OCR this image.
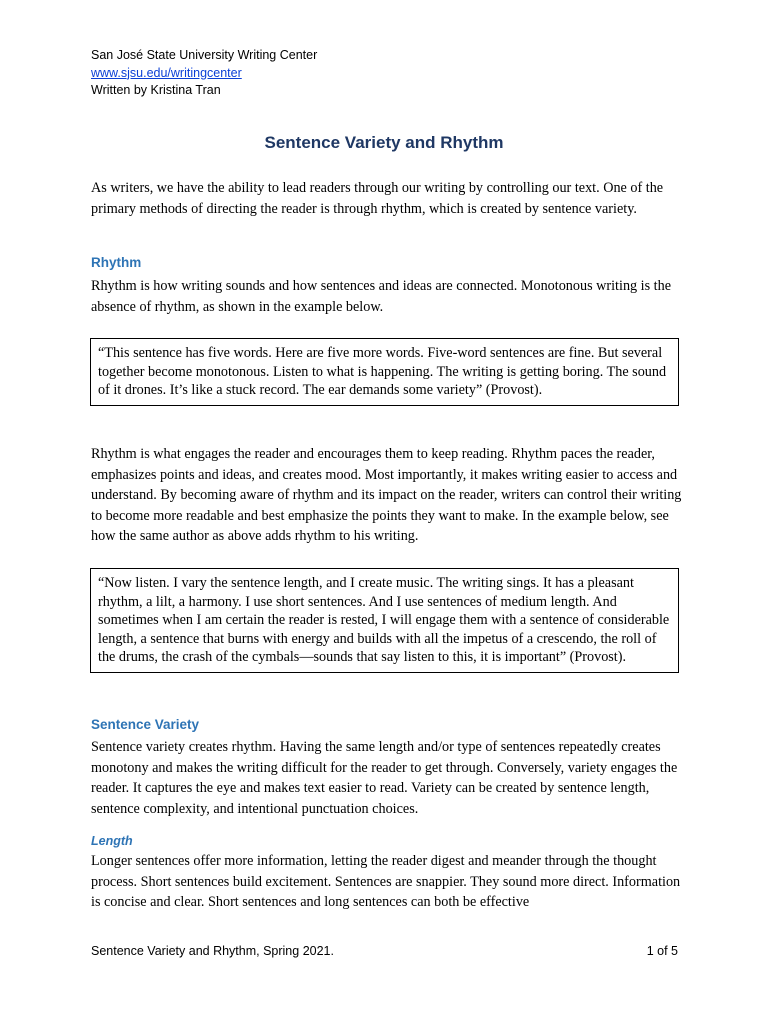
San José State University Writing Center
www.sjsu.edu/writingcenter
Written by Kristina Tran
Sentence Variety and Rhythm

As writers, we have the ability to lead readers through our writing by controlling our text. One of the primary methods of directing the reader is through rhythm, which is created by sentence variety.

Rhythm

Rhythm is how writing sounds and how sentences and ideas are connected. Monotonous writing is the absence of rhythm, as shown in the example below.

“This sentence has five words. Here are five more words. Five-word sentences are fine. But several together become monotonous. Listen to what is happening. The writing is getting boring. The sound of it drones. It’s like a stuck record. The ear demands some variety” (Provost).

Rhythm is what engages the reader and encourages them to keep reading. Rhythm paces the reader, emphasizes points and ideas, and creates mood. Most importantly, it makes writing easier to access and understand. By becoming aware of rhythm and its impact on the reader, writers can control their writing to become more readable and best emphasize the points they want to make. In the example below, see how the same author as above adds rhythm to his writing.

“Now listen. I vary the sentence length, and I create music. The writing sings. It has a pleasant rhythm, a lilt, a harmony. I use short sentences. And I use sentences of medium length. And sometimes when I am certain the reader is rested, I will engage them with a sentence of considerable length, a sentence that burns with energy and builds with all the impetus of a crescendo, the roll of the drums, the crash of the cymbals—sounds that say listen to this, it is important” (Provost).
Sentence Variety

Sentence variety creates rhythm. Having the same length and/or type of sentences repeatedly creates monotony and makes the writing difficult for the reader to get through. Conversely, variety engages the reader. It captures the eye and makes text easier to read. Variety can be created by sentence length, sentence complexity, and intentional punctuation choices.

Length

Longer sentences offer more information, letting the reader digest and meander through the thought process. Short sentences build excitement. Sentences are snappier. They sound more direct. Information is concise and clear. Short sentences and long sentences can both be effective

Sentence Variety and Rhythm, Spring 2021.	1 of 5
